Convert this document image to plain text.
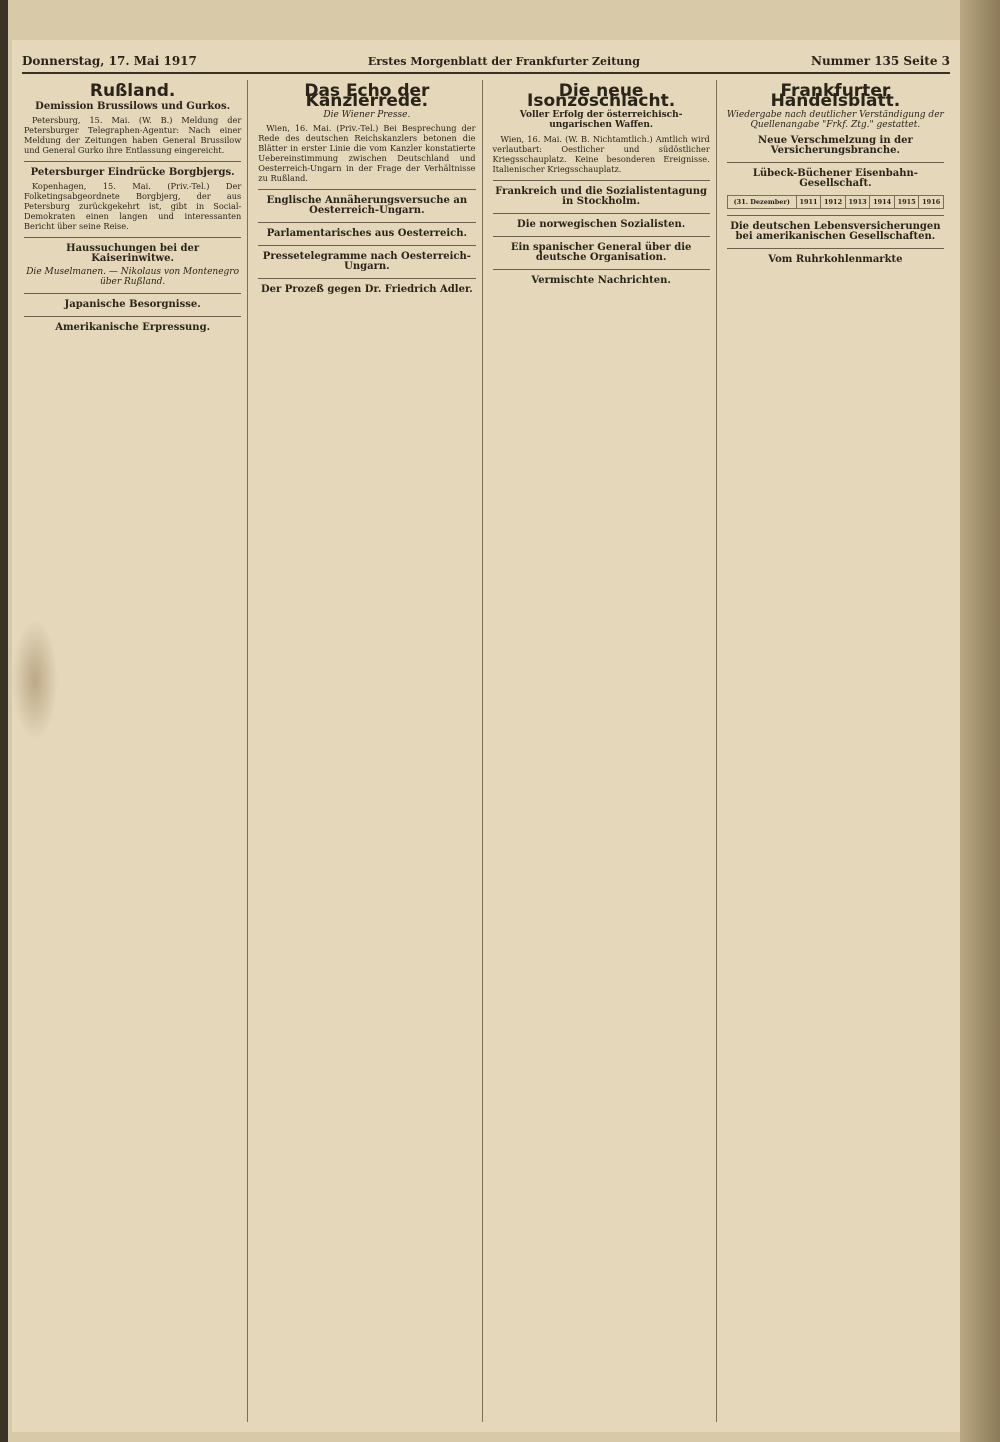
Donnerstag, 17. Mai 1917	Erstes Morgenblatt der Frankfurter Zeitung	Nummer 135 Seite 3
Rußland.
Demission Brussilows und Gurkos.

Petersburg, 15. Mai. (W. B.) Meldung der Petersburger Telegraphen-Agentur: Nach einer Meldung der Zeitungen haben General Brussilow und General Gurko ihre Entlassung eingereicht.

Petersburger Eindrücke Borgbjergs.

Kopenhagen, 15. Mai. (Priv.-Tel.) Der Folketingsabgeordnete Borgbjerg, der aus Petersburg zurückgekehrt ist, gibt in Social-Demokraten einen langen und interessanten Bericht über seine Reise.

Haussuchungen bei der Kaiserinwitwe.
Die Muselmanen. — Nikolaus von Montenegro über Rußland.
Japanische Besorgnisse.
Amerikanische Erpressung.
Das Echo der Kanzlerrede.
Die Wiener Presse.

Wien, 16. Mai. (Priv.-Tel.) Bei Besprechung der Rede des deutschen Reichskanzlers betonen die Blätter in erster Linie die vom Kanzler konstatierte Uebereinstimmung zwischen Deutschland und Oesterreich-Ungarn in der Frage der Verhältnisse zu Rußland.

Englische Annäherungsversuche an Oesterreich-Ungarn.
Parlamentarisches aus Oesterreich.
Pressetelegramme nach Oesterreich-Ungarn.
Der Prozeß gegen Dr. Friedrich Adler.
Die neue Isonzoschlacht.
Voller Erfolg der österreichisch-ungarischen Waffen.

Wien, 16. Mai. (W. B. Nichtamtlich.) Amtlich wird verlautbart: Oestlicher und südöstlicher Kriegsschauplatz. Keine besonderen Ereignisse. Italienischer Kriegsschauplatz.

Frankreich und die Sozialistentagung in Stockholm.
Die norwegischen Sozialisten.
Ein spanischer General über die deutsche Organisation.
Vermischte Nachrichten.
Frankfurter Handelsblatt.
Wiedergabe nach deutlicher Verständigung der Quellenangabe "Frkf. Ztg." gestattet.
Neue Verschmelzung in der Versicherungsbranche.
Lübeck-Büchener Eisenbahn-Gesellschaft.
(31. Dezember)	1911	1912	1913	1914	1915	1916
Die deutschen Lebensversicherungen bei amerikanischen Gesellschaften.
Vom Ruhrkohlenmarkte
